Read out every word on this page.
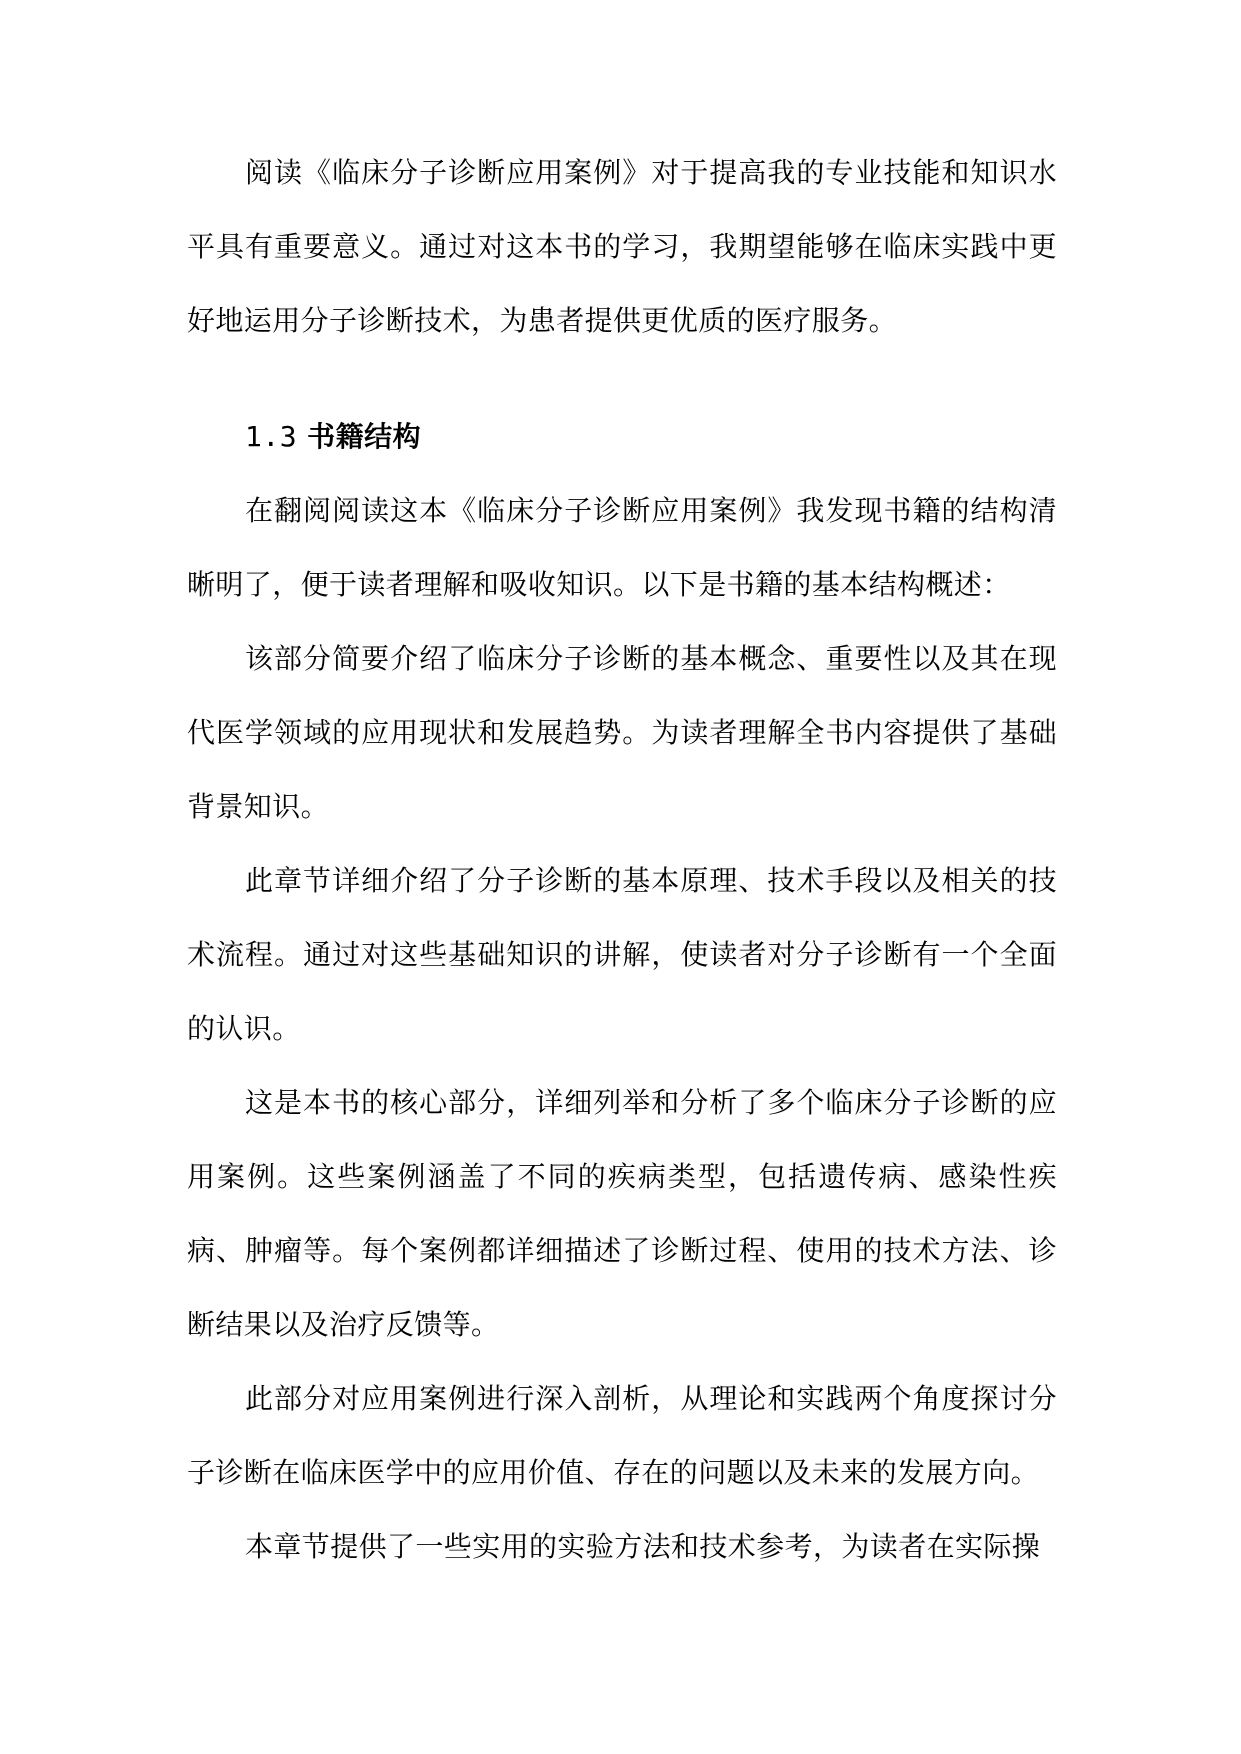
阅读《临床分子诊断应用案例》对于提高我的专业技能和知识水平具有重要意义。通过对这本书的学习，我期望能够在临床实践中更好地运用分子诊断技术，为患者提供更优质的医疗服务。

1.3 书籍结构

在翻阅阅读这本《临床分子诊断应用案例》我发现书籍的结构清晰明了，便于读者理解和吸收知识。以下是书籍的基本结构概述：

该部分简要介绍了临床分子诊断的基本概念、重要性以及其在现代医学领域的应用现状和发展趋势。为读者理解全书内容提供了基础背景知识。

此章节详细介绍了分子诊断的基本原理、技术手段以及相关的技术流程。通过对这些基础知识的讲解，使读者对分子诊断有一个全面的认识。

这是本书的核心部分，详细列举和分析了多个临床分子诊断的应用案例。这些案例涵盖了不同的疾病类型，包括遗传病、感染性疾病、肿瘤等。每个案例都详细描述了诊断过程、使用的技术方法、诊断结果以及治疗反馈等。

此部分对应用案例进行深入剖析，从理论和实践两个角度探讨分子诊断在临床医学中的应用价值、存在的问题以及未来的发展方向。

本章节提供了一些实用的实验方法和技术参考，为读者在实际操
